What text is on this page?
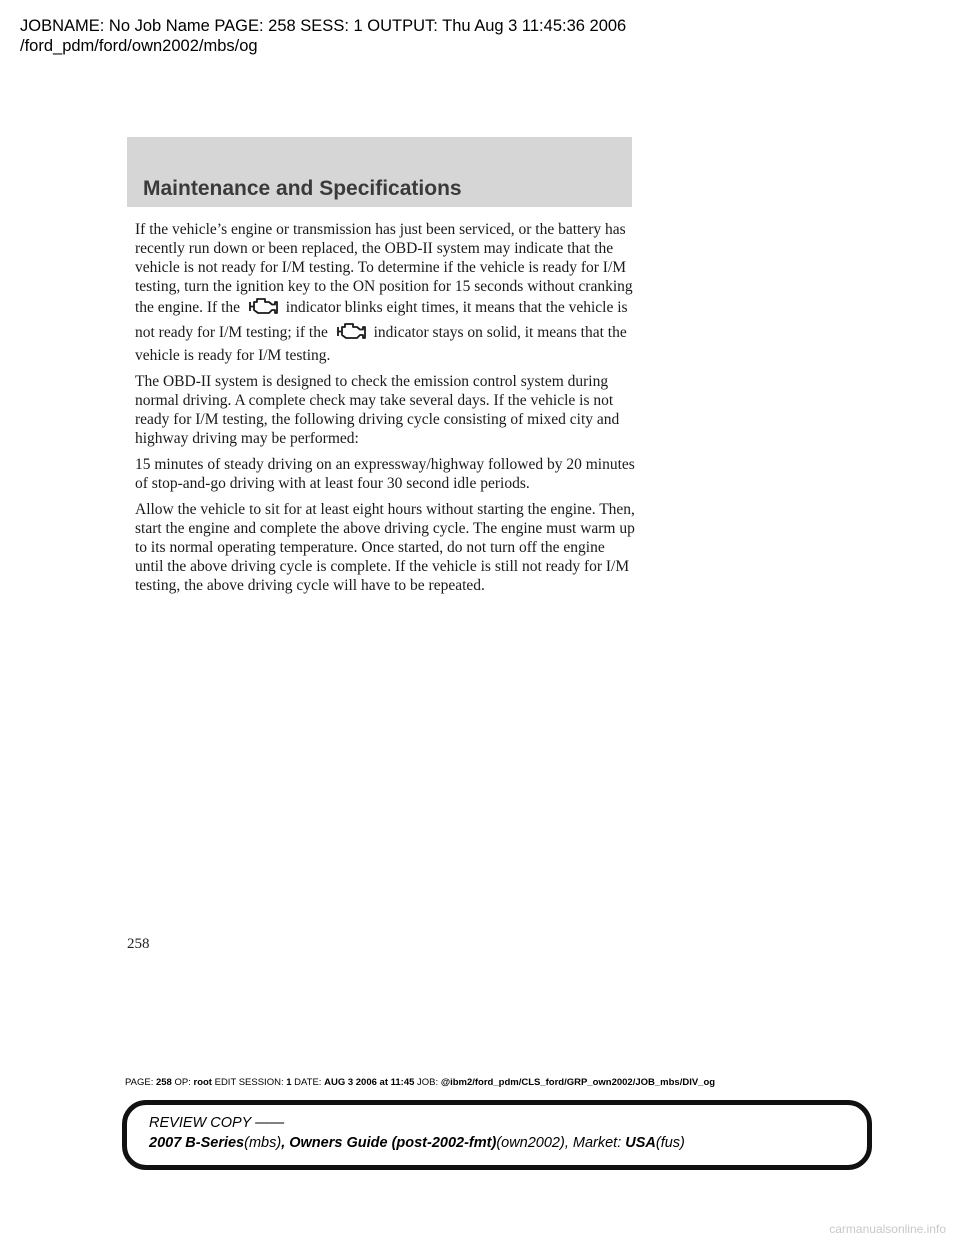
JOBNAME: No Job Name PAGE: 258 SESS: 1 OUTPUT: Thu Aug 3 11:45:36 2006
/ford_pdm/ford/own2002/mbs/og
Maintenance and Specifications

If the vehicle’s engine or transmission has just been serviced, or the battery has recently run down or been replaced, the OBD-II system may indicate that the vehicle is not ready for I/M testing. To determine if the vehicle is ready for I/M testing, turn the ignition key to the ON position for 15 seconds without cranking the engine. If the	indicator blinks eight times, it means that the vehicle is not ready for I/M testing; if the	indicator stays on solid, it means that the vehicle is ready for I/M testing.

The OBD-II system is designed to check the emission control system during normal driving. A complete check may take several days. If the vehicle is not ready for I/M testing, the following driving cycle consisting of mixed city and highway driving may be performed:

15 minutes of steady driving on an expressway/highway followed by 20 minutes of stop-and-go driving with at least four 30 second idle periods.

Allow the vehicle to sit for at least eight hours without starting the engine. Then, start the engine and complete the above driving cycle. The engine must warm up to its normal operating temperature. Once started, do not turn off the engine until the above driving cycle is complete. If the vehicle is still not ready for I/M testing, the above driving cycle will have to be repeated.

258
PAGE: 258 OP: root EDIT SESSION: 1 DATE: AUG 3 2006 at 11:45 JOB: @ibm2/ford_pdm/CLS_ford/GRP_own2002/JOB_mbs/DIV_og
REVIEW COPY ——
2007 B-Series(mbs), Owners Guide (post-2002-fmt)(own2002), Market: USA(fus)
carmanualsonline.info
